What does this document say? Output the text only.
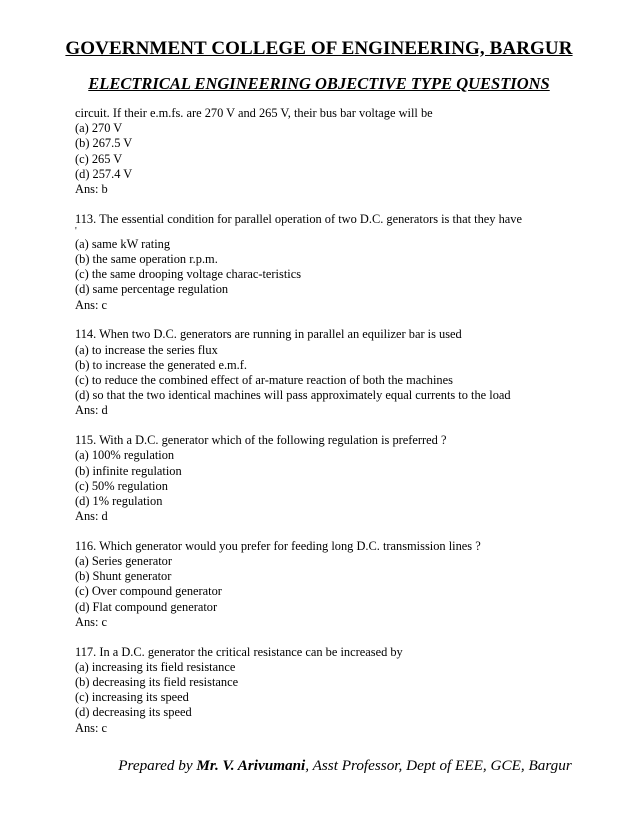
GOVERNMENT COLLEGE OF ENGINEERING, BARGUR
ELECTRICAL ENGINEERING OBJECTIVE TYPE QUESTIONS
circuit. If their e.m.fs. are 270 V and 265 V, their bus bar voltage will be
(a) 270 V
(b) 267.5 V
(c) 265 V
(d) 257.4 V
Ans: b
113. The essential condition for parallel operation of two D.C. generators is that they have
'
(a) same kW rating
(b) the same operation r.p.m.
(c) the same drooping voltage charac-teristics
(d) same percentage regulation
Ans: c
114. When two D.C. generators are running in parallel an equilizer bar is used
(a) to increase the series flux
(b) to increase the generated e.m.f.
(c) to reduce the combined effect of ar-mature reaction of both the machines
(d) so that the two identical machines will pass approximately equal currents to the load
Ans: d
115. With a D.C. generator which of the following regulation is preferred ?
(a) 100% regulation
(b) infinite regulation
(c) 50% regulation
(d) 1% regulation
Ans: d
116. Which generator would you prefer for feeding long D.C. transmission lines ?
(a) Series generator
(b) Shunt generator
(c) Over compound generator
(d) Flat compound generator
Ans: c
117. In a D.C. generator the critical resistance can be increased by
(a) increasing its field resistance
(b) decreasing its field resistance
(c) increasing its speed
(d) decreasing its speed
Ans: c
Prepared by Mr. V. Arivumani, Asst Professor, Dept of EEE, GCE, Bargur
